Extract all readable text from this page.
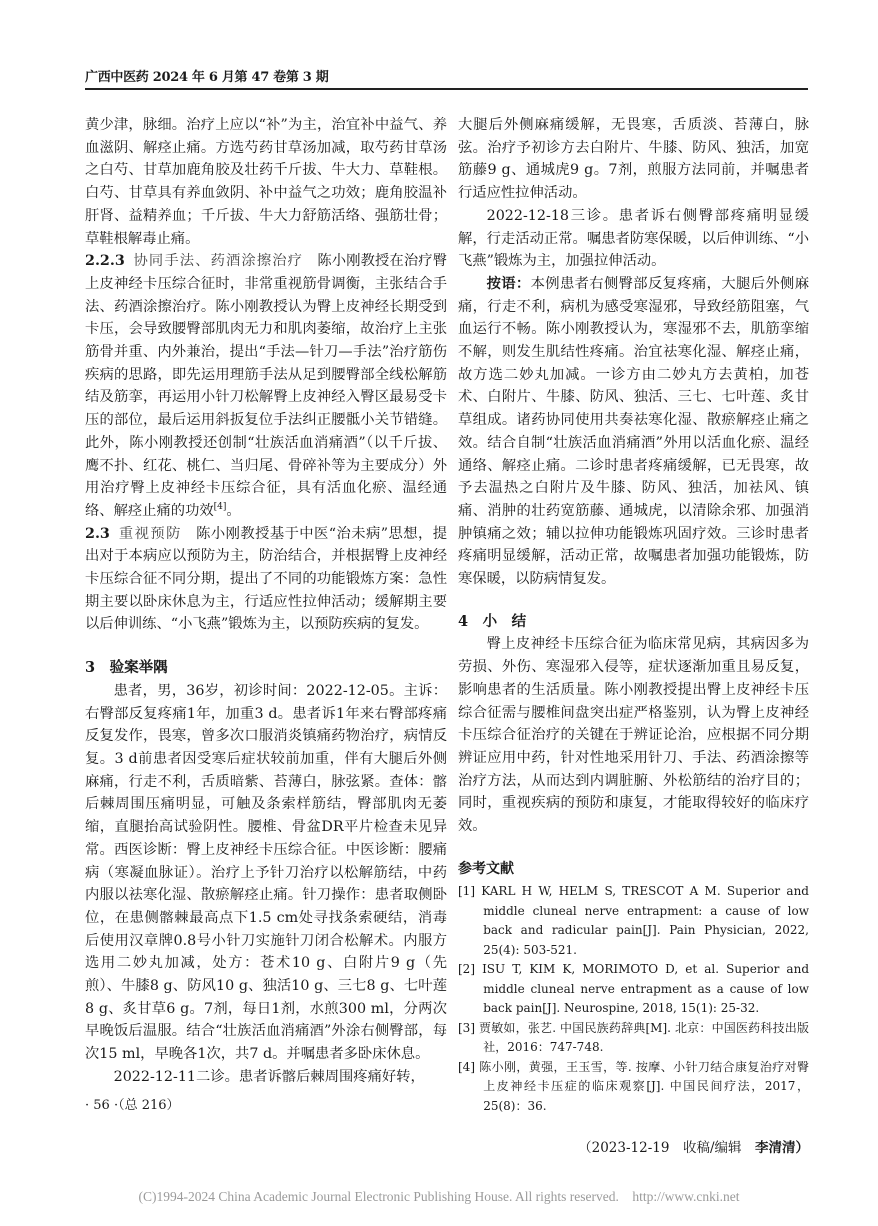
广西中医药 2024 年 6 月第 47 卷第 3 期

黄少津，脉细。治疗上应以“补”为主，治宜补中益气、养血滋阴、解痉止痛。方选芍药甘草汤加减，取芍药甘草汤之白芍、甘草加鹿角胶及壮药千斤拔、牛大力、草鞋根。白芍、甘草具有养血敛阴、补中益气之功效；鹿角胶温补肝肾、益精养血；千斤拔、牛大力舒筋活络、强筋壮骨；草鞋根解毒止痛。

2.2.3 协同手法、药酒涂擦治疗 陈小刚教授在治疗臀上皮神经卡压综合征时，非常重视筋骨调衡，主张结合手法、药酒涂擦治疗。陈小刚教授认为臀上皮神经长期受到卡压，会导致腰臀部肌肉无力和肌肉萎缩，故治疗上主张筋骨并重、内外兼治，提出“手法—针刀—手法”治疗筋伤疾病的思路，即先运用理筋手法从足到腰臀部全线松解筋结及筋挛，再运用小针刀松解臀上皮神经入臀区最易受卡压的部位，最后运用斜扳复位手法纠正腰骶小关节错缝。此外，陈小刚教授还创制“壮族活血消痛酒”（以千斤拔、鹰不扑、红花、桃仁、当归尾、骨碎补等为主要成分）外用治疗臀上皮神经卡压综合征，具有活血化瘀、温经通络、解痉止痛的功效[4]。

2.3 重视预防 陈小刚教授基于中医“治未病”思想，提出对于本病应以预防为主，防治结合，并根据臀上皮神经卡压综合征不同分期，提出了不同的功能锻炼方案：急性期主要以卧床休息为主，行适应性拉伸活动；缓解期主要以后伸训练、“小飞燕”锻炼为主，以预防疾病的复发。

3 验案举隅

患者，男，36岁，初诊时间：2022-12-05。主诉：右臀部反复疼痛1年，加重3 d。患者诉1年来右臀部疼痛反复发作，畏寒，曾多次口服消炎镇痛药物治疗，病情反复。3 d前患者因受寒后症状较前加重，伴有大腿后外侧麻痛，行走不利，舌质暗紫、苔薄白，脉弦紧。查体：髂后棘周围压痛明显，可触及条索样筋结，臀部肌肉无萎缩，直腿抬高试验阴性。腰椎、骨盆DR平片检查未见异常。西医诊断：臀上皮神经卡压综合征。中医诊断：腰痛病（寒凝血脉证）。治疗上予针刀治疗以松解筋结，中药内服以祛寒化湿、散瘀解痉止痛。针刀操作：患者取侧卧位，在患侧髂棘最高点下1.5 cm处寻找条索硬结，消毒后使用汉章牌0.8号小针刀实施针刀闭合松解术。内服方选用二妙丸加减，处方：苍术10 g、白附片9 g（先煎）、牛膝8 g、防风10 g、独活10 g、三七8 g、七叶莲8 g、炙甘草6 g。7剂，每日1剂，水煎300 ml，分两次早晚饭后温服。结合“壮族活血消痛酒”外涂右侧臀部，每次15 ml，早晚各1次，共7 d。并嘱患者多卧床休息。

2022-12-11二诊。患者诉髂后棘周围疼痛好转，

· 56 ·（总 216）

大腿后外侧麻痛缓解，无畏寒，舌质淡、苔薄白，脉弦。治疗予初诊方去白附片、牛膝、防风、独活，加宽筋藤9 g、通城虎9 g。7剂，煎服方法同前，并嘱患者行适应性拉伸活动。

2022-12-18三诊。患者诉右侧臀部疼痛明显缓解，行走活动正常。嘱患者防寒保暖，以后伸训练、“小飞燕”锻炼为主，加强拉伸活动。

按语：本例患者右侧臀部反复疼痛，大腿后外侧麻痛，行走不利，病机为感受寒湿邪，导致经筋阻塞，气血运行不畅。陈小刚教授认为，寒湿邪不去，肌筋挛缩不解，则发生肌结性疼痛。治宜祛寒化湿、解痉止痛，故方选二妙丸加减。一诊方由二妙丸方去黄柏，加苍术、白附片、牛膝、防风、独活、三七、七叶莲、炙甘草组成。诸药协同使用共奏祛寒化湿、散瘀解痉止痛之效。结合自制“壮族活血消痛酒”外用以活血化瘀、温经通络、解痉止痛。二诊时患者疼痛缓解，已无畏寒，故予去温热之白附片及牛膝、防风、独活，加祛风、镇痛、消肿的壮药宽筋藤、通城虎，以清除余邪、加强消肿镇痛之效；辅以拉伸功能锻炼巩固疗效。三诊时患者疼痛明显缓解，活动正常，故嘱患者加强功能锻炼，防寒保暖，以防病情复发。

4 小　结

臀上皮神经卡压综合征为临床常见病，其病因多为劳损、外伤、寒湿邪入侵等，症状逐渐加重且易反复，影响患者的生活质量。陈小刚教授提出臀上皮神经卡压综合征需与腰椎间盘突出症严格鉴别，认为臀上皮神经卡压综合征治疗的关键在于辨证论治，应根据不同分期辨证应用中药，针对性地采用针刀、手法、药酒涂擦等治疗方法，从而达到内调脏腑、外松筋结的治疗目的；同时，重视疾病的预防和康复，才能取得较好的临床疗效。

参考文献
[1] KARL H W, HELM S, TRESCOT A M. Superior and middle cluneal nerve entrapment: a cause of low back and radicular pain[J]. Pain Physician, 2022, 25(4): 503-521.
[2] ISU T, KIM K, MORIMOTO D, et al. Superior and middle cluneal nerve entrapment as a cause of low back pain[J]. Neurospine, 2018, 15(1): 25-32.
[3] 贾敏如，张艺. 中国民族药辞典[M]. 北京：中国医药科技出版社，2016：747-748.
[4] 陈小刚，黄强，王玉雪，等. 按摩、小针刀结合康复治疗对臀上皮神经卡压症的临床观察[J]. 中国民间疗法，2017，25(8)：36.
（2023-12-19　收稿/编辑 李清清）
(C)1994-2024 China Academic Journal Electronic Publishing House. All rights reserved.    http://www.cnki.net
